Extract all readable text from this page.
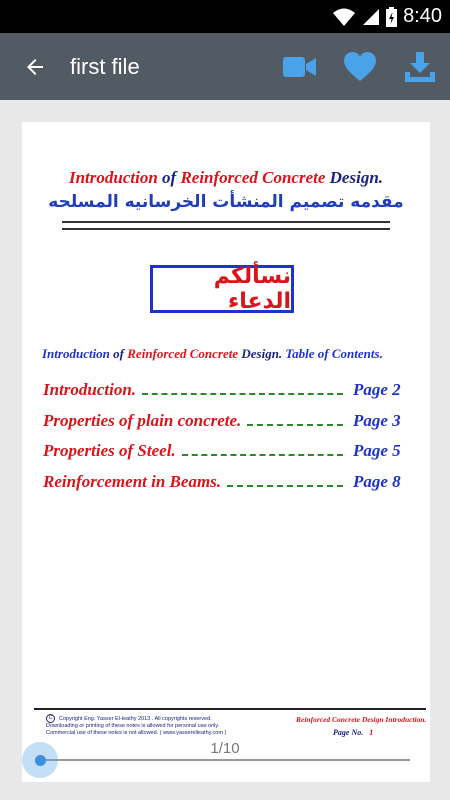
8:40
first file
Introduction of Reinforced Concrete Design.
مقدمه تصميم المنشأت الخرسانيه المسلحه
نسألكم الدعاء
Introduction of Reinforced Concrete Design. Table of Contents.
Introduction.	Page 2
Properties of plain concrete.	Page 3
Properties of Steel.	Page 5
Reinforcement in Beams.	Page 8
C Copyright Eng. Yasser El-leathy 2013 . All copyrights reserved.
Downloading or printing of these notes is allowed for personal use only.
Commercial use of these notes is not allowed. ( www.yasserelleathy.com )
Reinforced Concrete Design Introduction.
Page No. 1
1/10
